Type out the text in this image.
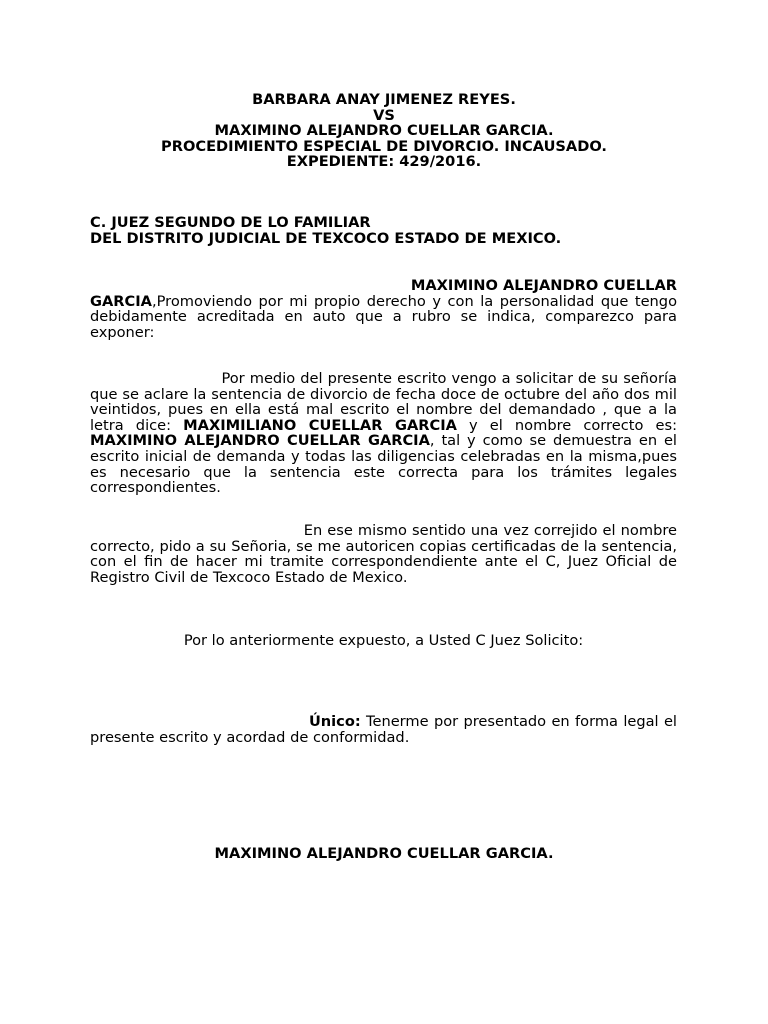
BARBARA ANAY JIMENEZ REYES.
VS
MAXIMINO ALEJANDRO CUELLAR GARCIA.
PROCEDIMIENTO ESPECIAL DE DIVORCIO. INCAUSADO.
EXPEDIENTE: 429/2016.
C. JUEZ SEGUNDO DE LO FAMILIAR
DEL DISTRITO JUDICIAL DE TEXCOCO ESTADO DE MEXICO.
MAXIMINO ALEJANDRO CUELLAR
GARCIA,Promoviendo por mi propio derecho y con la personalidad que tengo debidamente acreditada en auto que a rubro se indica, comparezco para exponer:
Por medio del presente escrito vengo a solicitar de su señoría que se aclare la sentencia de divorcio de fecha doce de octubre del año dos mil veintidos, pues en ella está mal escrito el nombre del demandado , que a la letra dice: MAXIMILIANO CUELLAR GARCIA y el nombre correcto es: MAXIMINO ALEJANDRO CUELLAR GARCIA, tal y como se demuestra en el escrito inicial de demanda y todas las diligencias celebradas en la misma,pues es necesario que la sentencia este correcta para los trámites legales correspondientes.
En ese mismo sentido una vez correjido el nombre correcto, pido a su Señoria, se me autoricen copias certificadas de la sentencia, con el fin de hacer mi tramite correspondendiente ante el C, Juez Oficial de Registro Civil de Texcoco Estado de Mexico.
Por lo anteriormente expuesto, a Usted C Juez Solicito:
Único: Tenerme por presentado en forma legal el presente escrito y acordad de conformidad.
MAXIMINO ALEJANDRO CUELLAR GARCIA.
